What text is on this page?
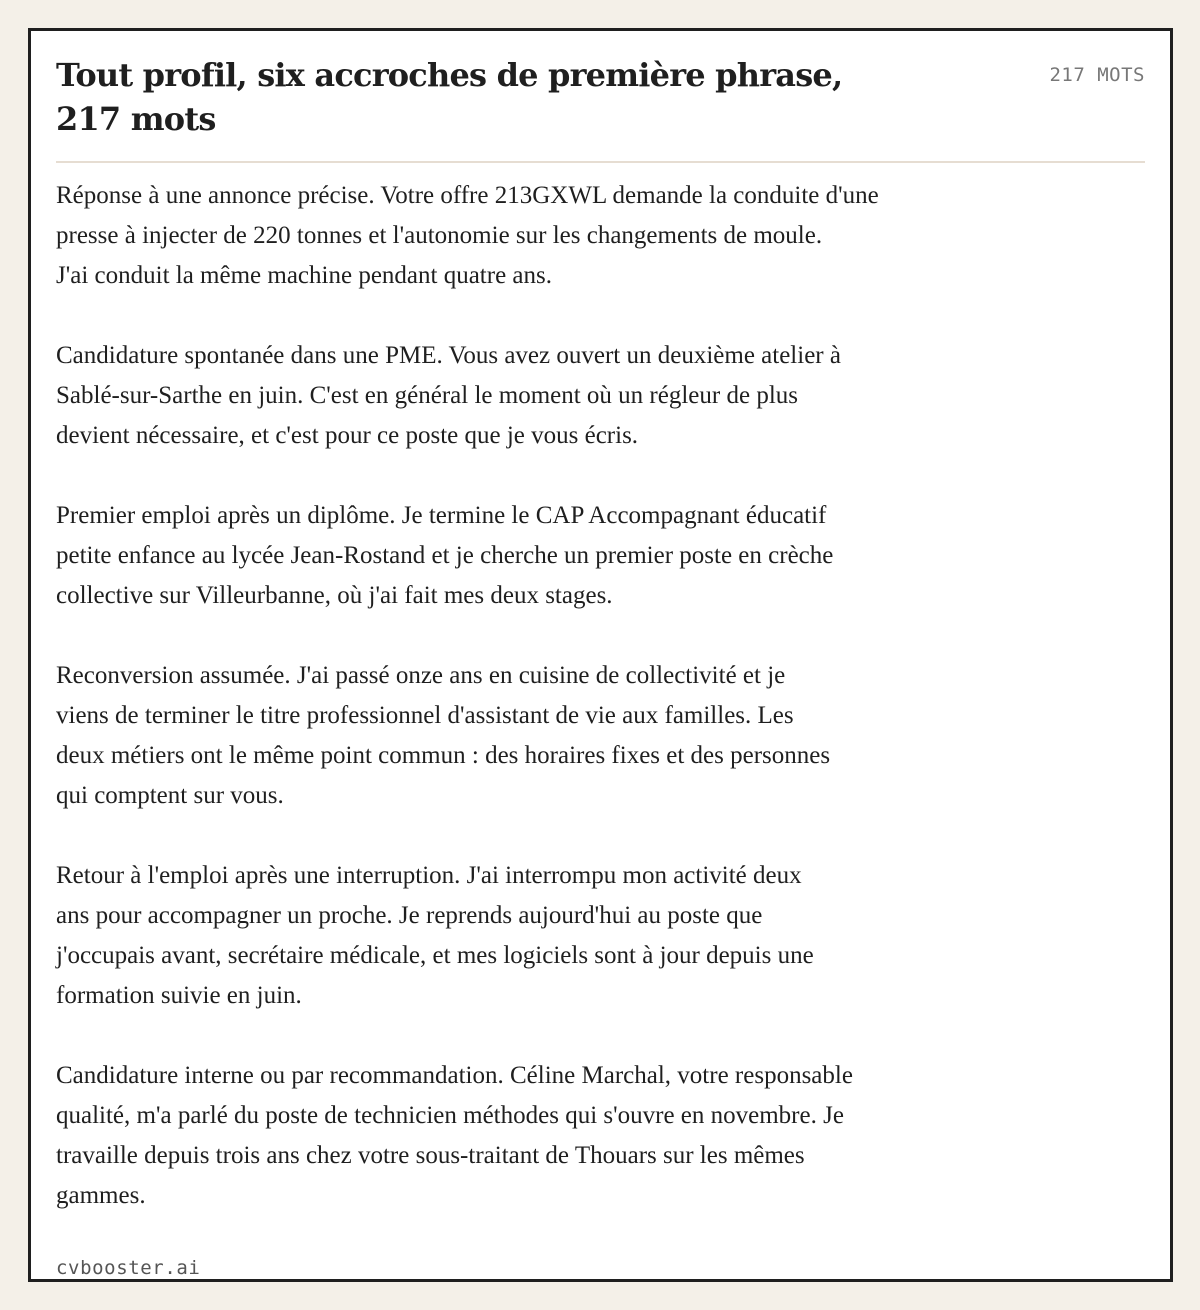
Tout profil, six accroches de première phrase,
217 mots
217 MOTS

Réponse à une annonce précise. Votre offre 213GXWL demande la conduite d'une
presse à injecter de 220 tonnes et l'autonomie sur les changements de moule.
J'ai conduit la même machine pendant quatre ans.

Candidature spontanée dans une PME. Vous avez ouvert un deuxième atelier à
Sablé-sur-Sarthe en juin. C'est en général le moment où un régleur de plus
devient nécessaire, et c'est pour ce poste que je vous écris.

Premier emploi après un diplôme. Je termine le CAP Accompagnant éducatif
petite enfance au lycée Jean-Rostand et je cherche un premier poste en crèche
collective sur Villeurbanne, où j'ai fait mes deux stages.

Reconversion assumée. J'ai passé onze ans en cuisine de collectivité et je
viens de terminer le titre professionnel d'assistant de vie aux familles. Les
deux métiers ont le même point commun : des horaires fixes et des personnes
qui comptent sur vous.

Retour à l'emploi après une interruption. J'ai interrompu mon activité deux
ans pour accompagner un proche. Je reprends aujourd'hui au poste que
j'occupais avant, secrétaire médicale, et mes logiciels sont à jour depuis une
formation suivie en juin.

Candidature interne ou par recommandation. Céline Marchal, votre responsable
qualité, m'a parlé du poste de technicien méthodes qui s'ouvre en novembre. Je
travaille depuis trois ans chez votre sous-traitant de Thouars sur les mêmes
gammes.

cvbooster.ai
